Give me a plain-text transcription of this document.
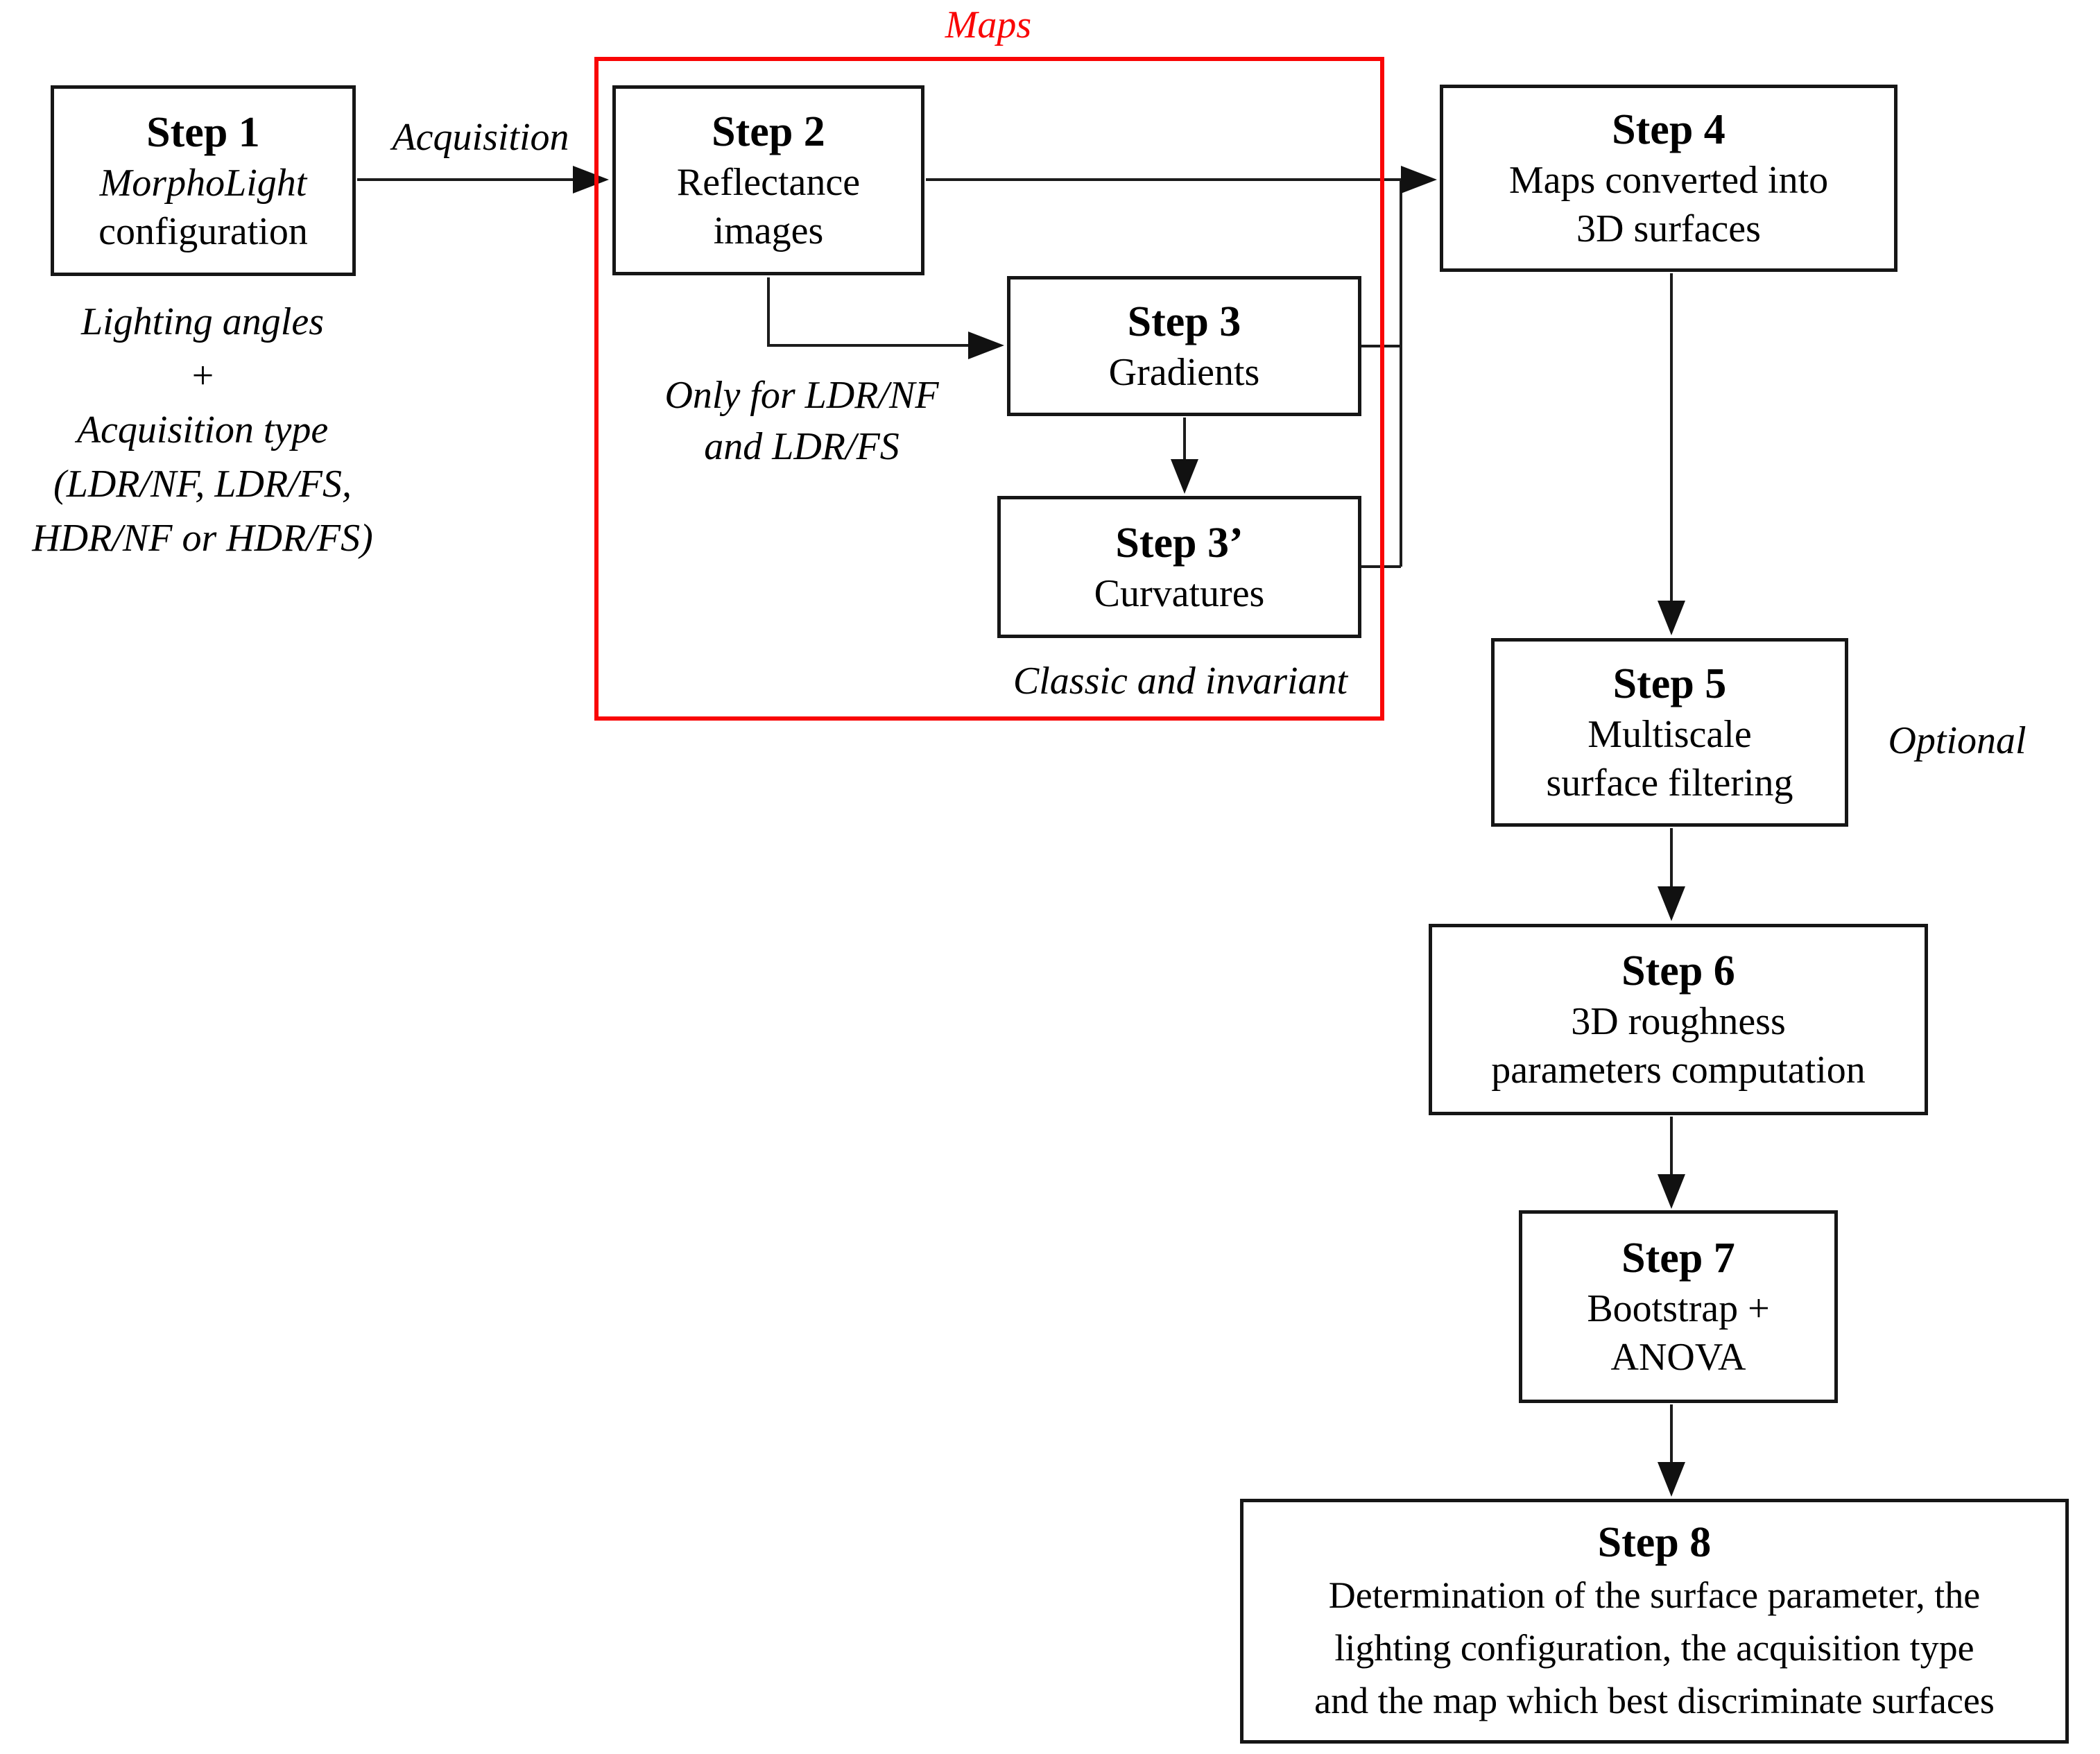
Step 1
MorphoLight
configuration
Step 2
Reflectance
images
Step 3
Gradients
Step 3’
Curvatures
Step 4
Maps converted into
3D surfaces
Step 5
Multiscale
surface filtering
Step 6
3D roughness
parameters computation
Step 7
Bootstrap +
ANOVA
Step 8
Determination of the surface parameter, the
lighting configuration, the acquisition type
and the map which best discriminate surfaces
Maps
Acquisition
Only for LDR/NF
and LDR/FS
Classic and invariant
Optional
Lighting angles
+
Acquisition type
(LDR/NF, LDR/FS,
HDR/NF or HDR/FS)
